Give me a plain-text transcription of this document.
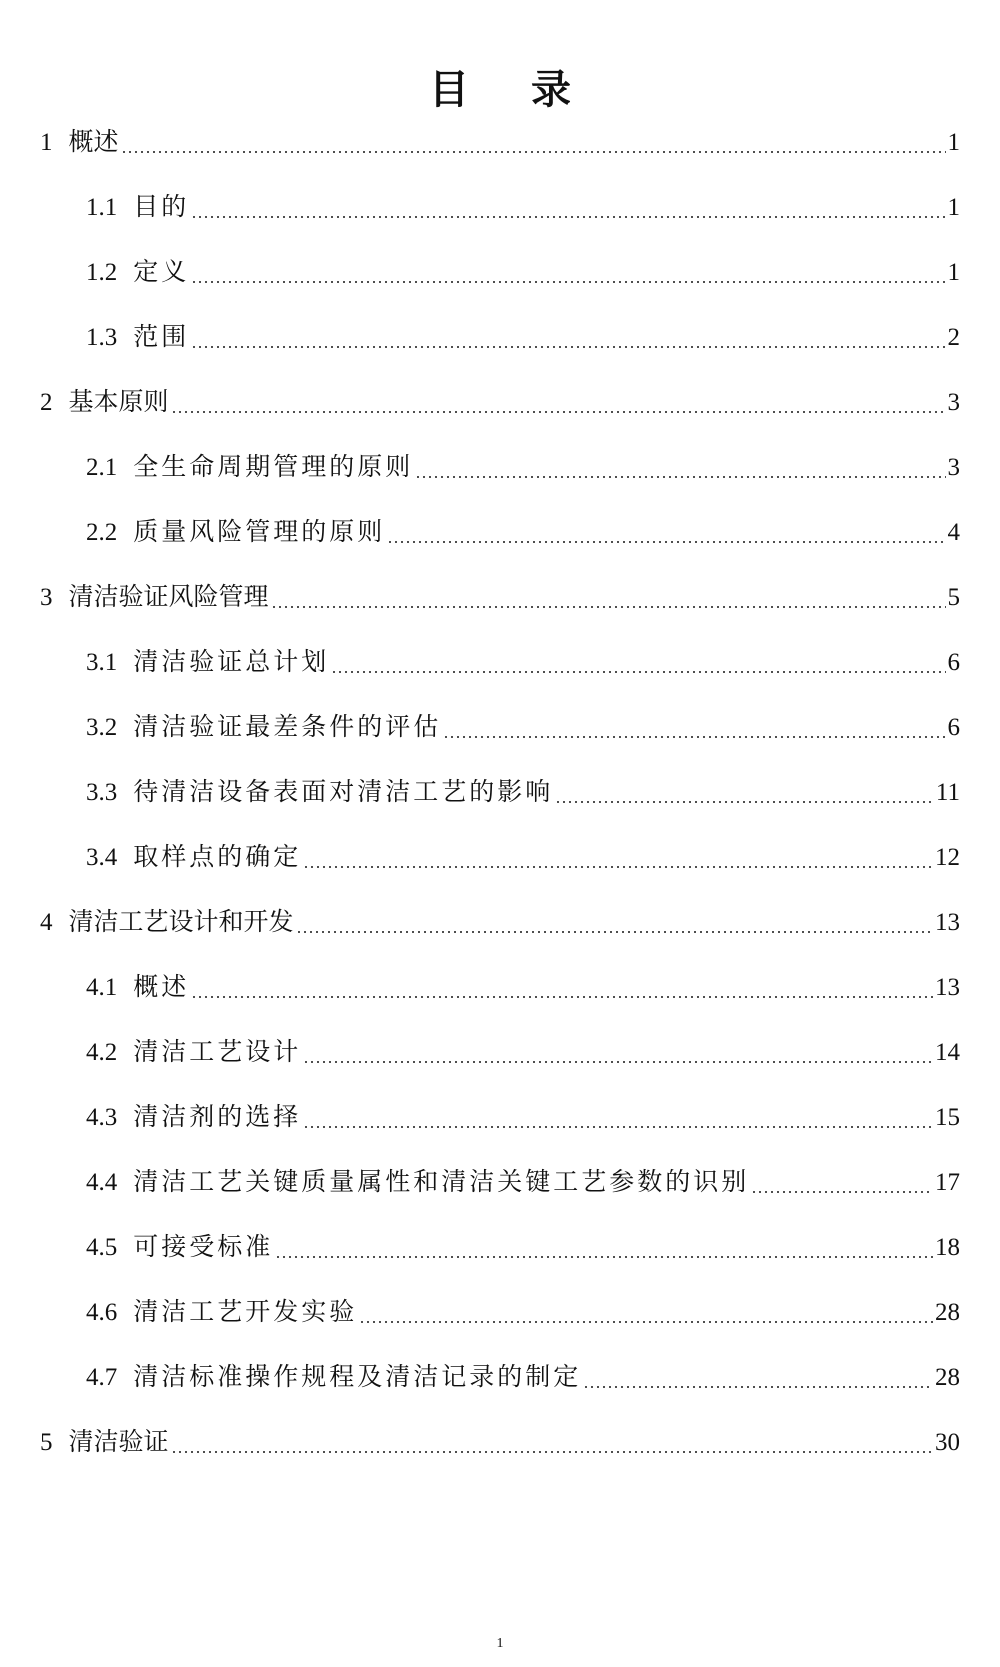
目 录
1 概述	1
1.1 目的	1
1.2 定义	1
1.3 范围	2
2 基本原则	3
2.1 全生命周期管理的原则	3
2.2 质量风险管理的原则	4
3 清洁验证风险管理	5
3.1 清洁验证总计划	6
3.2 清洁验证最差条件的评估	6
3.3 待清洁设备表面对清洁工艺的影响	11
3.4 取样点的确定	12
4 清洁工艺设计和开发	13
4.1 概述	13
4.2 清洁工艺设计	14
4.3 清洁剂的选择	15
4.4 清洁工艺关键质量属性和清洁关键工艺参数的识别	17
4.5 可接受标准	18
4.6 清洁工艺开发实验	28
4.7 清洁标准操作规程及清洁记录的制定	28
5 清洁验证	30
1
